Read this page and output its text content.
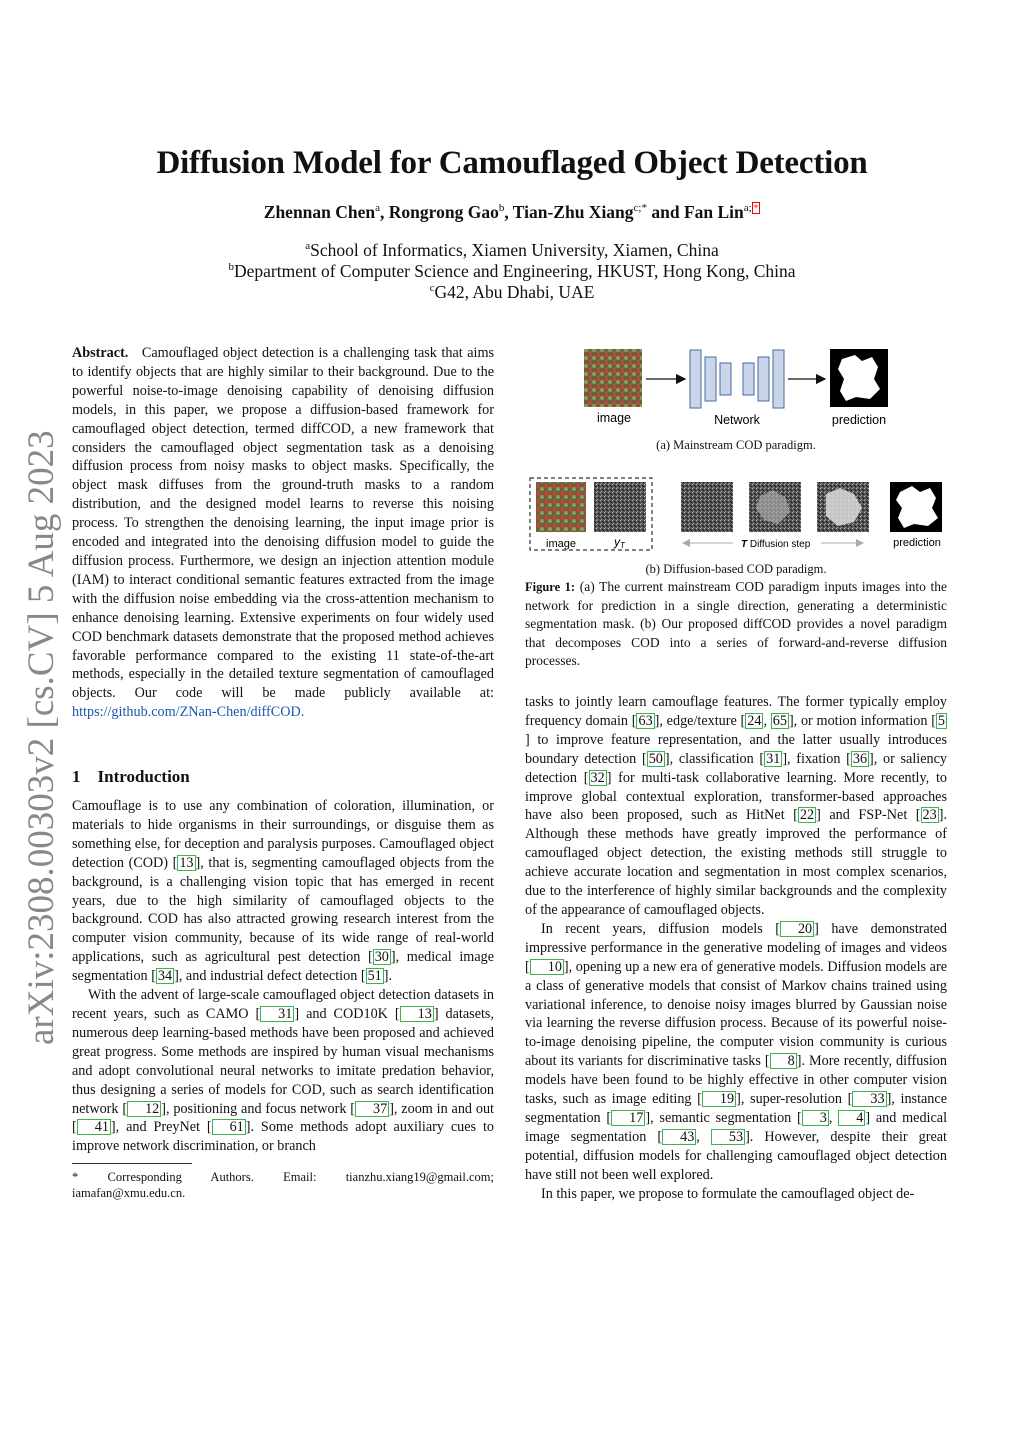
arXiv:2308.00303v2 [cs.CV] 5 Aug 2023
Diffusion Model for Camouflaged Object Detection
Zhennan Chen$^a$, Rongrong Gao$^b$, Tian-Zhu Xiang$^{c;*}$ and Fan Lin$^{a;}$ *
$^a$School of Informatics, Xiamen University, Xiamen, China
$^b$Department of Computer Science and Engineering, HKUST, Hong Kong, China
$^c$G42, Abu Dhabi, UAE

Abstract. Camouflaged object detection is a challenging task that aims to identify objects that are highly similar to their background. Due to the powerful noise-to-image denoising capability of denoising diffusion models, in this paper, we propose a diffusion-based framework for camouflaged object detection, termed diffCOD, a new framework that considers the camouflaged object segmentation task as a denoising diffusion process from noisy masks to object masks. Specifically, the object mask diffuses from the ground-truth masks to a random distribution, and the designed model learns to reverse this noising process. To strengthen the denoising learning, the input image prior is encoded and integrated into the denoising diffusion model to guide the diffusion process. Furthermore, we design an injection attention module (IAM) to interact conditional semantic features extracted from the image with the diffusion noise embedding via the cross-attention mechanism to enhance denoising learning. Extensive experiments on four widely used COD benchmark datasets demonstrate that the proposed method achieves favorable performance compared to the existing 11 state-of-the-art methods, especially in the detailed texture segmentation of camouflaged objects. Our code will be made publicly available at: https://github.com/ZNan-Chen/diffCOD.

1 Introduction

Camouflage is to use any combination of coloration, illumination, or materials to hide organisms in their surroundings, or disguise them as something else, for deception and paralysis purposes. Camouflaged object detection (COD) [ 13 ], that is, segmenting camouflaged objects from the background, is a challenging vision topic that has emerged in recent years, due to the high similarity of camouflaged objects to the background. COD has also attracted growing research interest from the computer vision community, because of its wide range of real-world applications, such as agricultural pest detection [ 30 ], medical image segmentation [ 34 ], and industrial defect detection [ 51 ].

With the advent of large-scale camouflaged object detection datasets in recent years, such as CAMO [ 31 ] and COD10K [ 13 ] datasets, numerous deep learning-based methods have been proposed and achieved great progress. Some methods are inspired by human visual mechanisms and adopt convolutional neural networks to imitate predation behavior, thus designing a series of models for COD, such as search identification network [ 12 ], positioning and focus network [ 37 ], zoom in and out [ 41 ], and PreyNet [ 61 ]. Some methods adopt auxiliary cues to improve network discrimination, or branch

* Corresponding Authors. Email: tianzhu.xiang19@gmail.com; iamafan@xmu.edu.cn.
image	Network	prediction
(a) Mainstream COD paradigm.
image	yT	T Diffusion step	prediction
(b) Diffusion-based COD paradigm.
Figure 1: (a) The current mainstream COD paradigm inputs images into the network for prediction in a single direction, generating a deterministic segmentation mask. (b) Our proposed diffCOD provides a novel paradigm that decomposes COD into a series of forward-and-reverse diffusion processes.

tasks to jointly learn camouflage features. The former typically employ frequency domain [ 63 ], edge/texture [ 24 , 65 ], or motion information [ 5] to improve feature representation, and the latter usually introduces boundary detection [ 50 ], classification [ 31 ], fixation [ 36 ], or saliency detection [ 32 ] for multi-task collaborative learning. More recently, to improve global contextual exploration, transformer-based approaches have also been proposed, such as HitNet [ 22 ] and FSP-Net [ 23 ]. Although these methods have greatly improved the performance of camouflaged object detection, the existing methods still struggle to achieve accurate location and segmentation in most complex scenarios, due to the interference of highly similar backgrounds and the complexity of the appearance of camouflaged objects.

In recent years, diffusion models [ 20 ] have demonstrated impressive performance in the generative modeling of images and videos [ 10 ], opening up a new era of generative models. Diffusion models are a class of generative models that consist of Markov chains trained using variational inference, to denoise noisy images blurred by Gaussian noise via learning the reverse diffusion process. Because of its powerful noise-to-image denoising pipeline, the computer vision community is curious about its variants for discriminative tasks [ 8 ]. More recently, diffusion models have been found to be highly effective in other computer vision tasks, such as image editing [ 19 ], super-resolution [ 33 ], instance segmentation [ 17 ], semantic segmentation [ 3 , 4 ] and medical image segmentation [ 43 , 53 ]. However, despite their great potential, diffusion models for challenging camouflaged object detection have still not been well explored.

In this paper, we propose to formulate the camouflaged object de-
